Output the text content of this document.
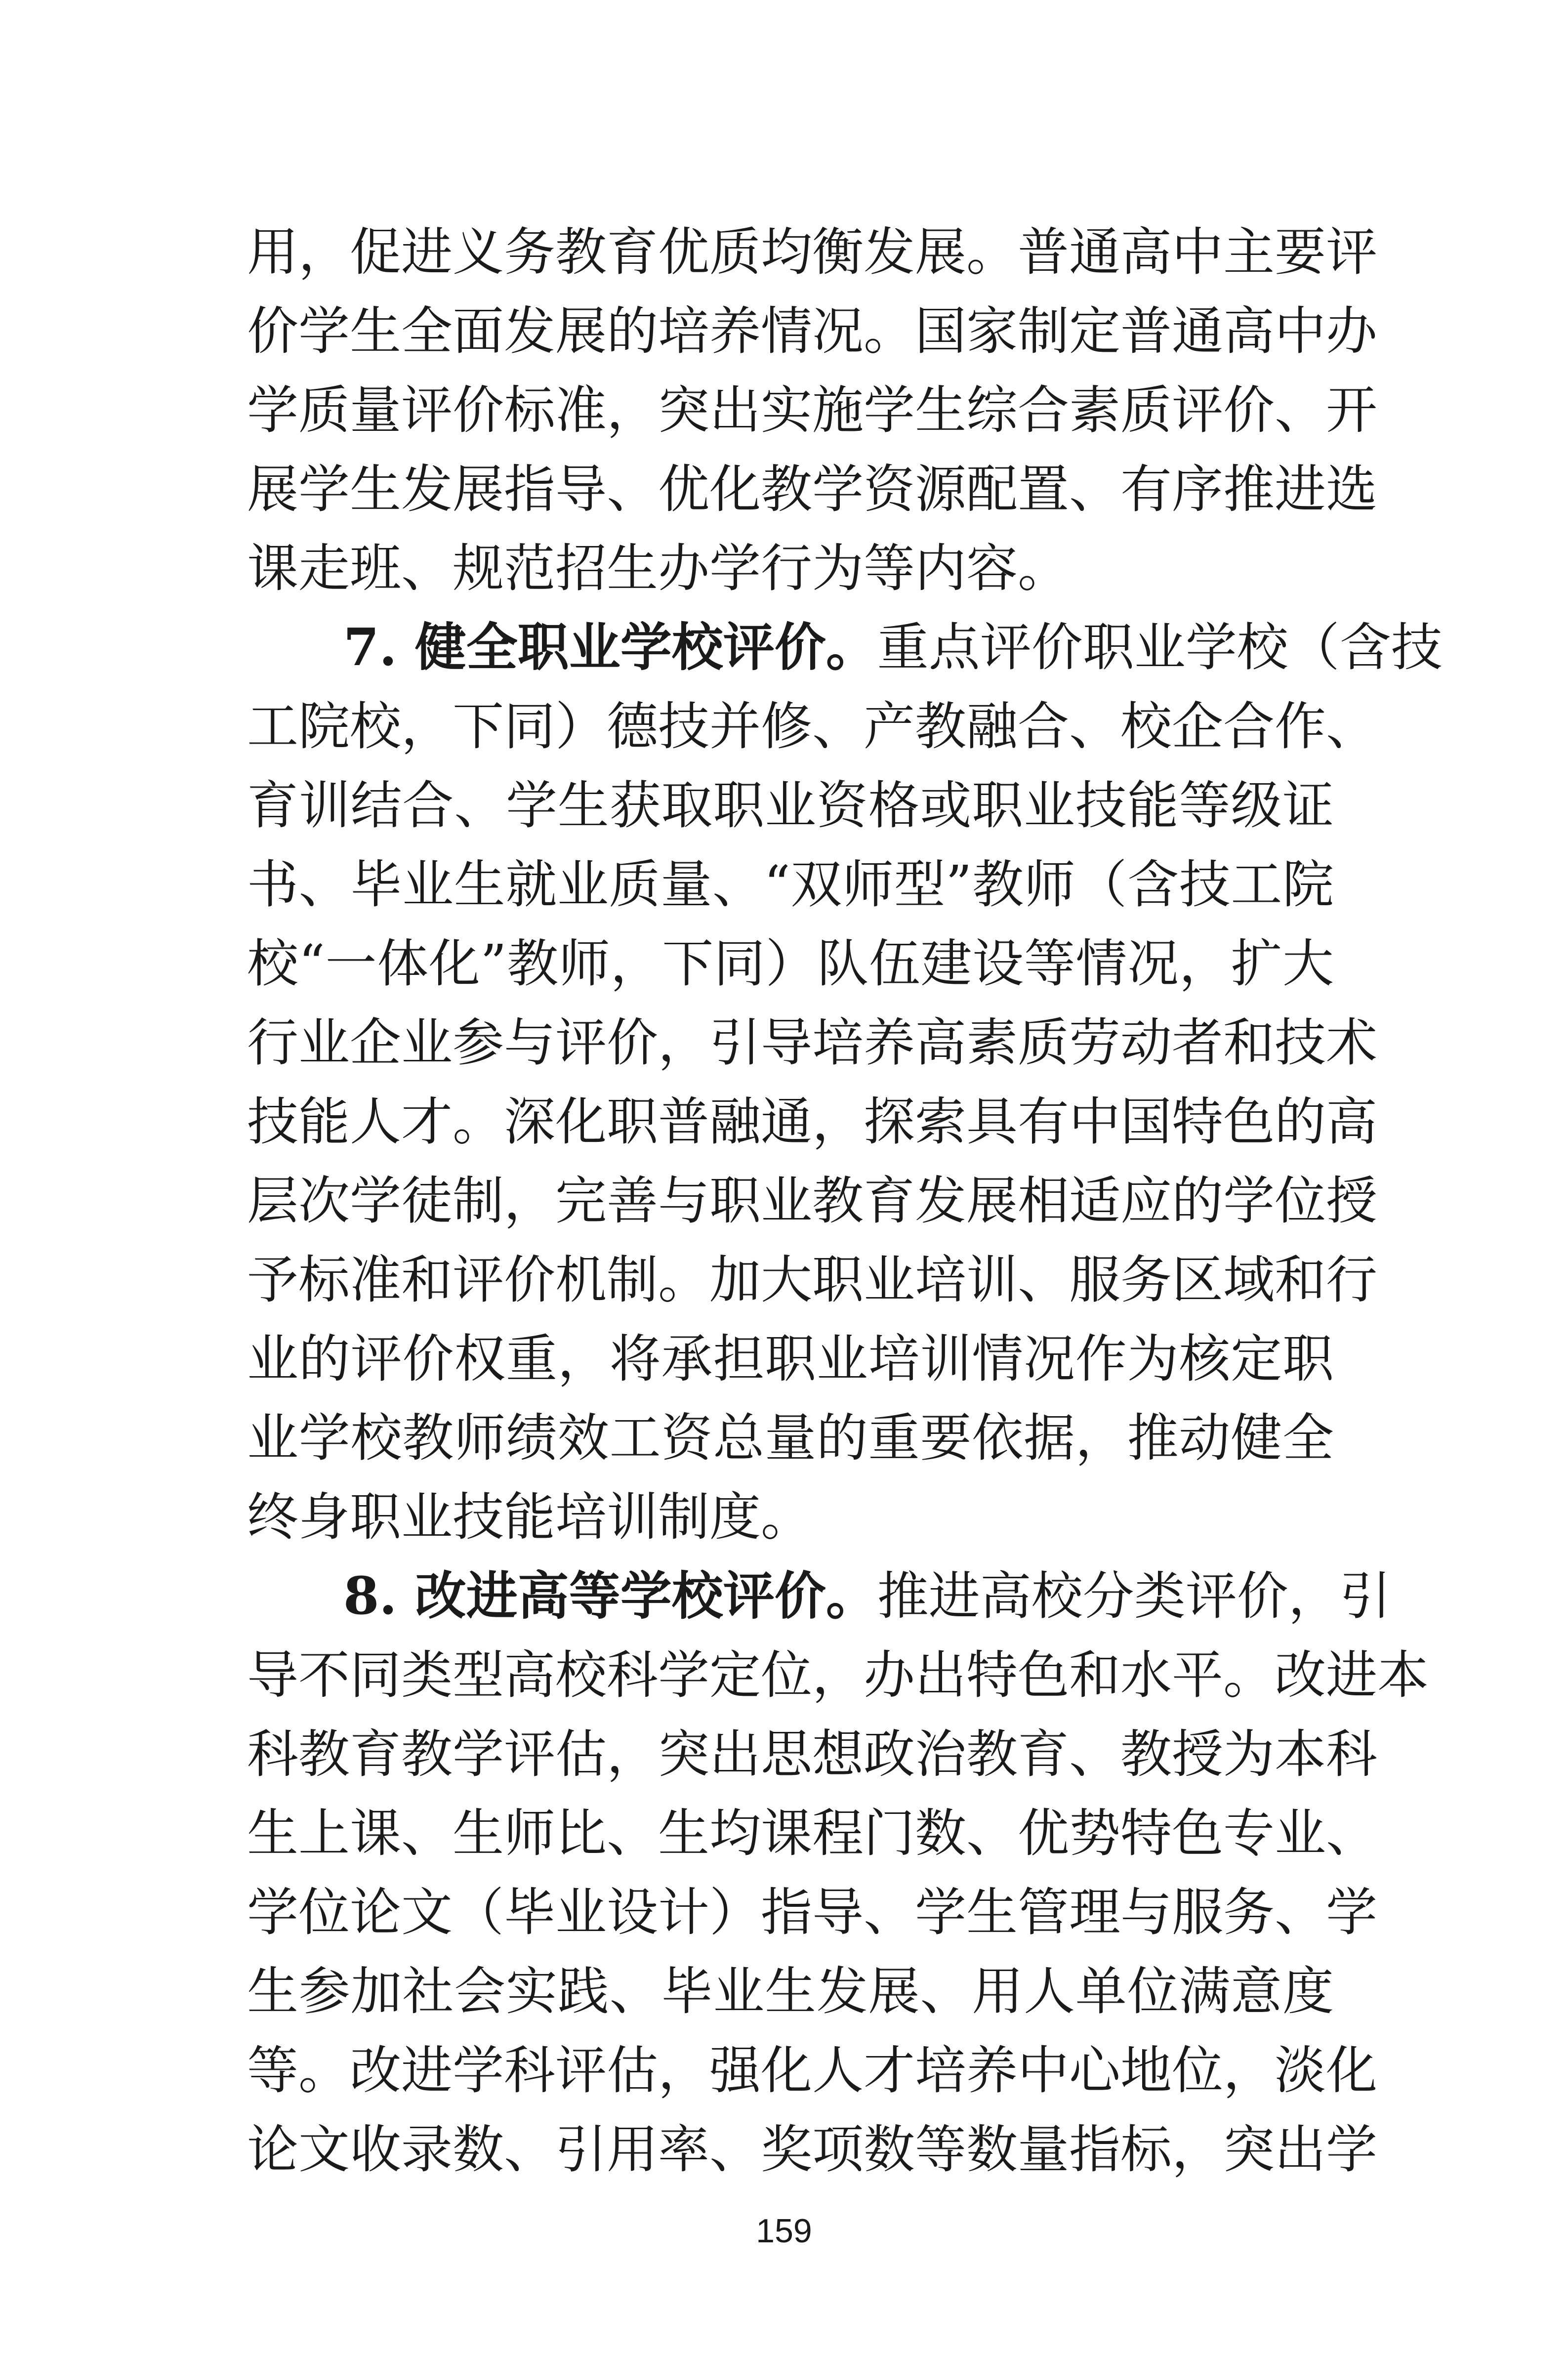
用，促进义务教育优质均衡发展。普通高中主要评
价学生全面发展的培养情况。国家制定普通高中办
学质量评价标准，突出实施学生综合素质评价、开
展学生发展指导、优化教学资源配置、有序推进选
课走班、规范招生办学行为等内容。
7. 健全职业学校评价。重点评价职业学校（含技
工院校，下同）德技并修、产教融合、校企合作、
育训结合、学生获取职业资格或职业技能等级证
书、毕业生就业质量、“双师型”教师（含技工院
校“一体化”教师，下同）队伍建设等情况，扩大
行业企业参与评价，引导培养高素质劳动者和技术
技能人才。深化职普融通，探索具有中国特色的高
层次学徒制，完善与职业教育发展相适应的学位授
予标准和评价机制。加大职业培训、服务区域和行
业的评价权重，将承担职业培训情况作为核定职
业学校教师绩效工资总量的重要依据，推动健全
终身职业技能培训制度。
8. 改进高等学校评价。推进高校分类评价，引
导不同类型高校科学定位，办出特色和水平。改进本
科教育教学评估，突出思想政治教育、教授为本科
生上课、生师比、生均课程门数、优势特色专业、
学位论文（毕业设计）指导、学生管理与服务、学
生参加社会实践、毕业生发展、用人单位满意度
等。改进学科评估，强化人才培养中心地位，淡化
论文收录数、引用率、奖项数等数量指标，突出学
159
